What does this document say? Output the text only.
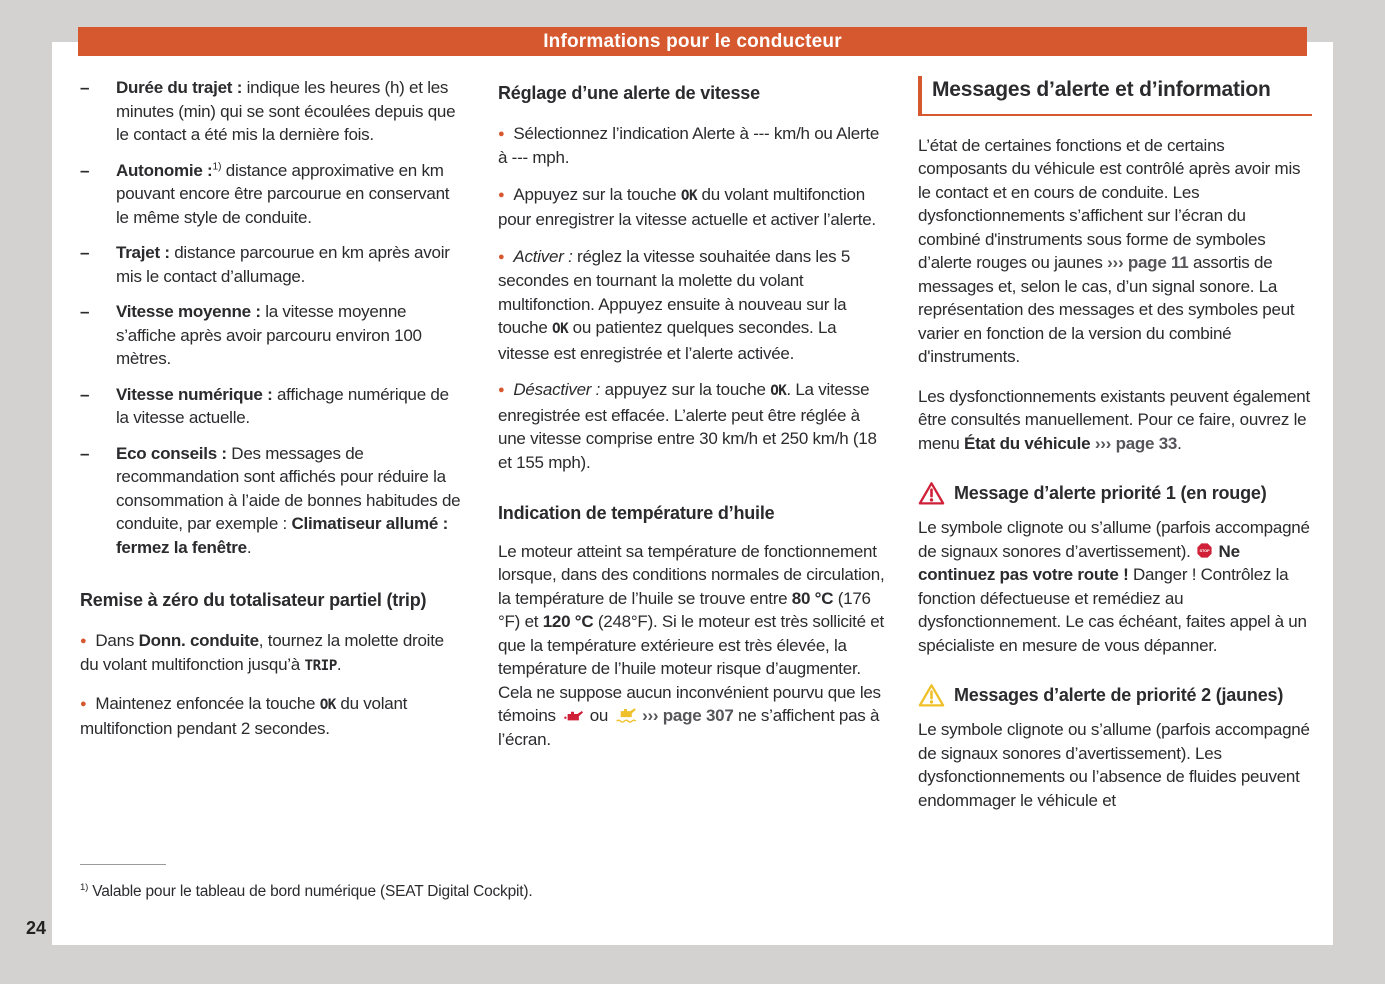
Informations pour le conducteur
– Durée du trajet : indique les heures (h) et les minutes (min) qui se sont écoulées depuis que le contact a été mis la dernière fois.
– Autonomie :$^{1)}$ distance approximative en km pouvant encore être parcourue en conservant le même style de conduite.
– Trajet : distance parcourue en km après avoir mis le contact d’allumage.
– Vitesse moyenne : la vitesse moyenne s’affiche après avoir parcouru environ 100 mètres.
– Vitesse numérique : affichage numérique de la vitesse actuelle.
– Eco conseils : Des messages de recommandation sont affichés pour réduire la consommation à l’aide de bonnes habitudes de conduite, par exemple : Climatiseur allumé : fermez la fenêtre.
Remise à zéro du totalisateur partiel (trip)
● Dans Donn. conduite, tournez la molette droite du volant multifonction jusqu’à TRIP.
● Maintenez enfoncée la touche OK du volant multifonction pendant 2 secondes.
Réglage d’une alerte de vitesse
● Sélectionnez l’indication Alerte à --- km/h ou Alerte à --- mph.
● Appuyez sur la touche OK du volant multifonction pour enregistrer la vitesse actuelle et activer l’alerte.
● Activer : réglez la vitesse souhaitée dans les 5 secondes en tournant la molette du volant multifonction. Appuyez ensuite à nouveau sur la touche OK ou patientez quelques secondes. La vitesse est enregistrée et l’alerte activée.
● Désactiver : appuyez sur la touche OK. La vitesse enregistrée est effacée. L’alerte peut être réglée à une vitesse comprise entre 30 km/h et 250 km/h (18 et 155 mph).
Indication de température d’huile
Le moteur atteint sa température de fonctionnement lorsque, dans des conditions normales de circulation, la température de l’huile se trouve entre 80 °C (176 °F) et 120 °C (248°F). Si le moteur est très sollicité et que la température extérieure est très élevée, la température de l’huile moteur risque d’augmenter. Cela ne suppose aucun inconvénient pourvu que les témoins  ou  ››› page 307 ne s’affichent pas à l’écran.
Messages d’alerte et d’information
L’état de certaines fonctions et de certains composants du véhicule est contrôlé après avoir mis le contact et en cours de conduite. Les dysfonctionnements s’affichent sur l’écran du combiné d'instruments sous forme de symboles d’alerte rouges ou jaunes ››› page 11 assortis de messages et, selon le cas, d’un signal sonore. La représentation des messages et des symboles peut varier en fonction de la version du combiné d'instruments.
Les dysfonctionnements existants peuvent également être consultés manuellement. Pour ce faire, ouvrez le menu État du véhicule ››› page 33.
Message d’alerte priorité 1 (en rouge)
Le symbole clignote ou s’allume (parfois accompagné de signaux sonores d’avertissement). STOP Ne continuez pas votre route ! Danger ! Contrôlez la fonction défectueuse et remédiez au dysfonctionnement. Le cas échéant, faites appel à un spécialiste en mesure de vous dépanner.
Messages d’alerte de priorité 2 (jaunes)
Le symbole clignote ou s’allume (parfois accompagné de signaux sonores d’avertissement). Les dysfonctionnements ou l’absence de fluides peuvent endommager le véhicule et
$^{1)}$ Valable pour le tableau de bord numérique (SEAT Digital Cockpit).
24
